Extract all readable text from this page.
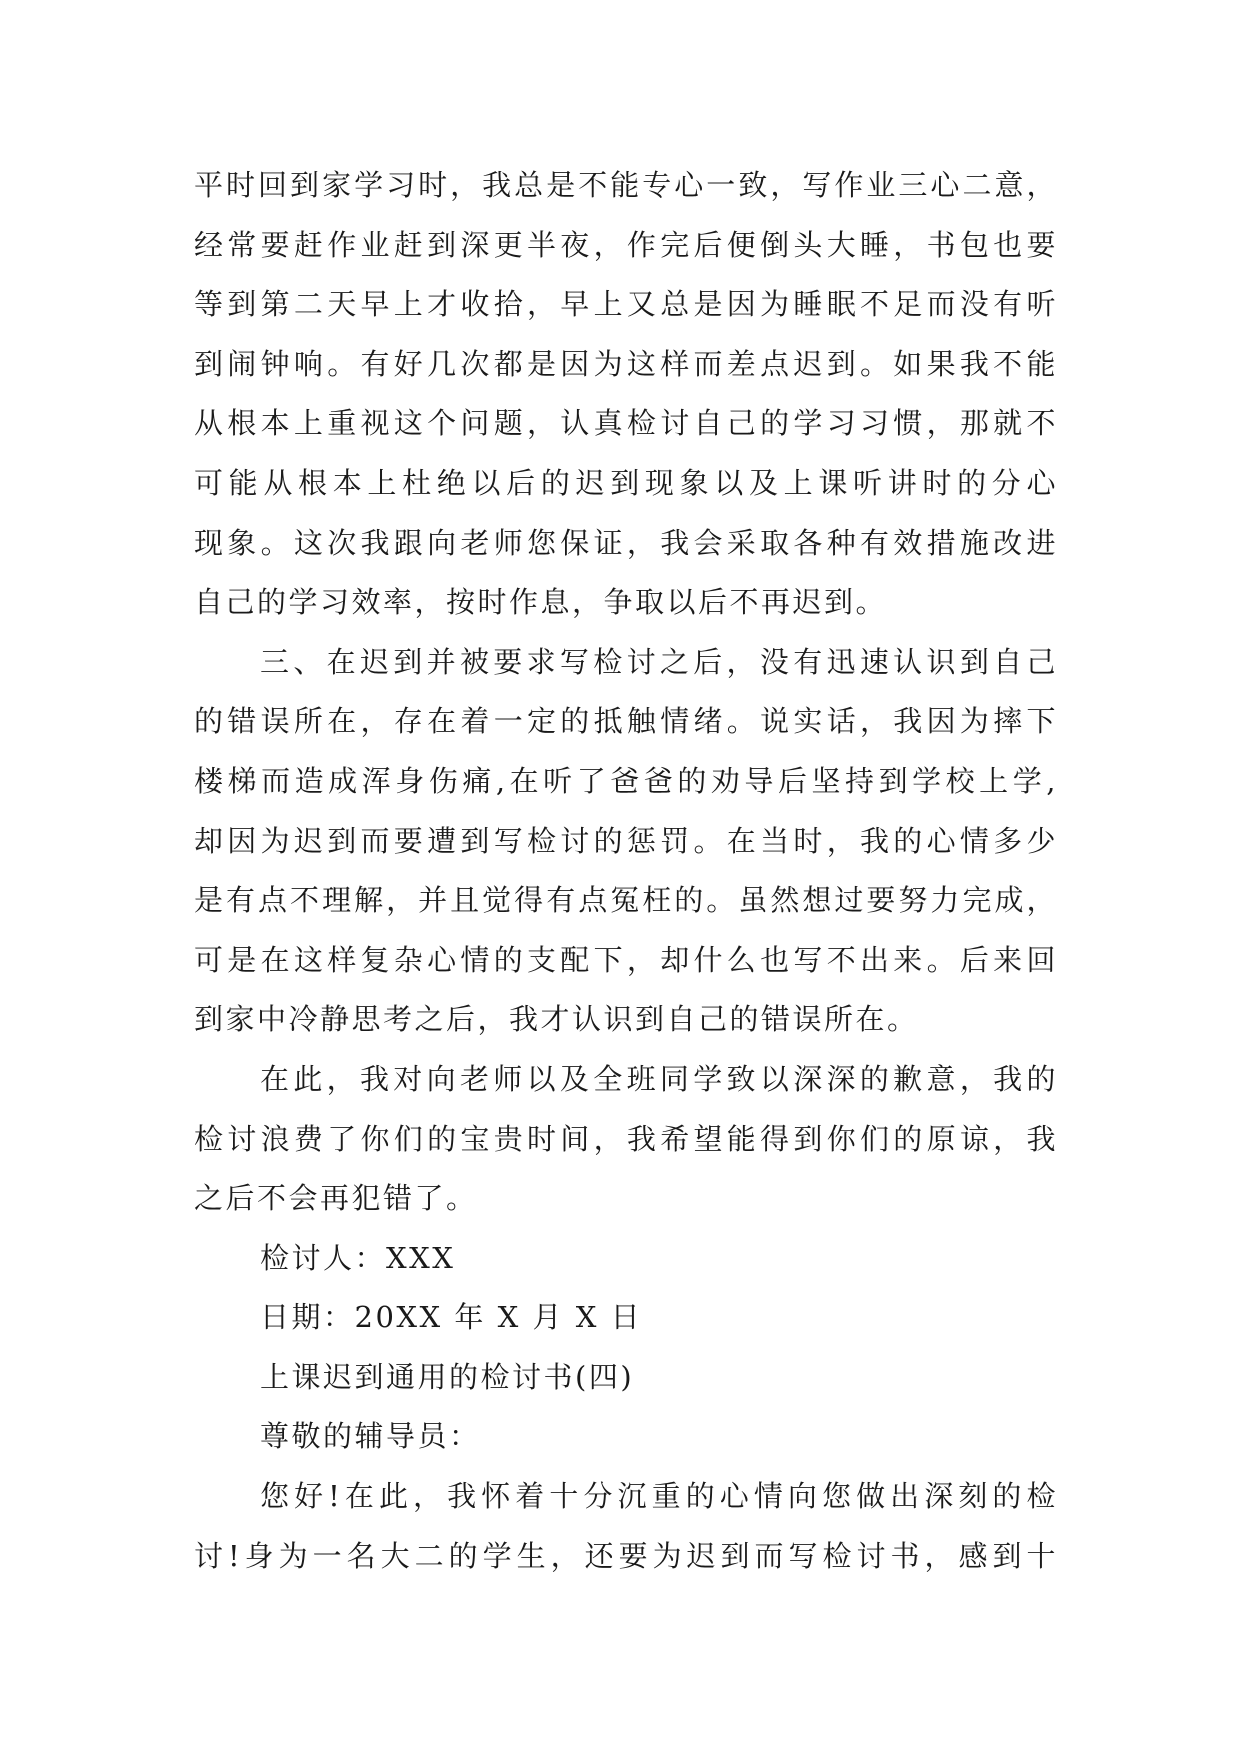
平时回到家学习时，我总是不能专心一致，写作业三心二意，
经常要赶作业赶到深更半夜，作完后便倒头大睡，书包也要
等到第二天早上才收拾，早上又总是因为睡眠不足而没有听
到闹钟响。有好几次都是因为这样而差点迟到。如果我不能
从根本上重视这个问题，认真检讨自己的学习习惯，那就不
可能从根本上杜绝以后的迟到现象以及上课听讲时的分心
现象。这次我跟向老师您保证，我会采取各种有效措施改进
自己的学习效率，按时作息，争取以后不再迟到。
三、在迟到并被要求写检讨之后，没有迅速认识到自己
的错误所在，存在着一定的抵触情绪。说实话，我因为摔下
楼梯而造成浑身伤痛,在听了爸爸的劝导后坚持到学校上学,
却因为迟到而要遭到写检讨的惩罚。在当时，我的心情多少
是有点不理解，并且觉得有点冤枉的。虽然想过要努力完成，
可是在这样复杂心情的支配下，却什么也写不出来。后来回
到家中冷静思考之后，我才认识到自己的错误所在。
在此，我对向老师以及全班同学致以深深的歉意，我的
检讨浪费了你们的宝贵时间，我希望能得到你们的原谅，我
之后不会再犯错了。
检讨人：XXX
日期：20XX 年 X 月 X 日
上课迟到通用的检讨书(四)
尊敬的辅导员：
您好!在此，我怀着十分沉重的心情向您做出深刻的检
讨!身为一名大二的学生，还要为迟到而写检讨书，感到十
